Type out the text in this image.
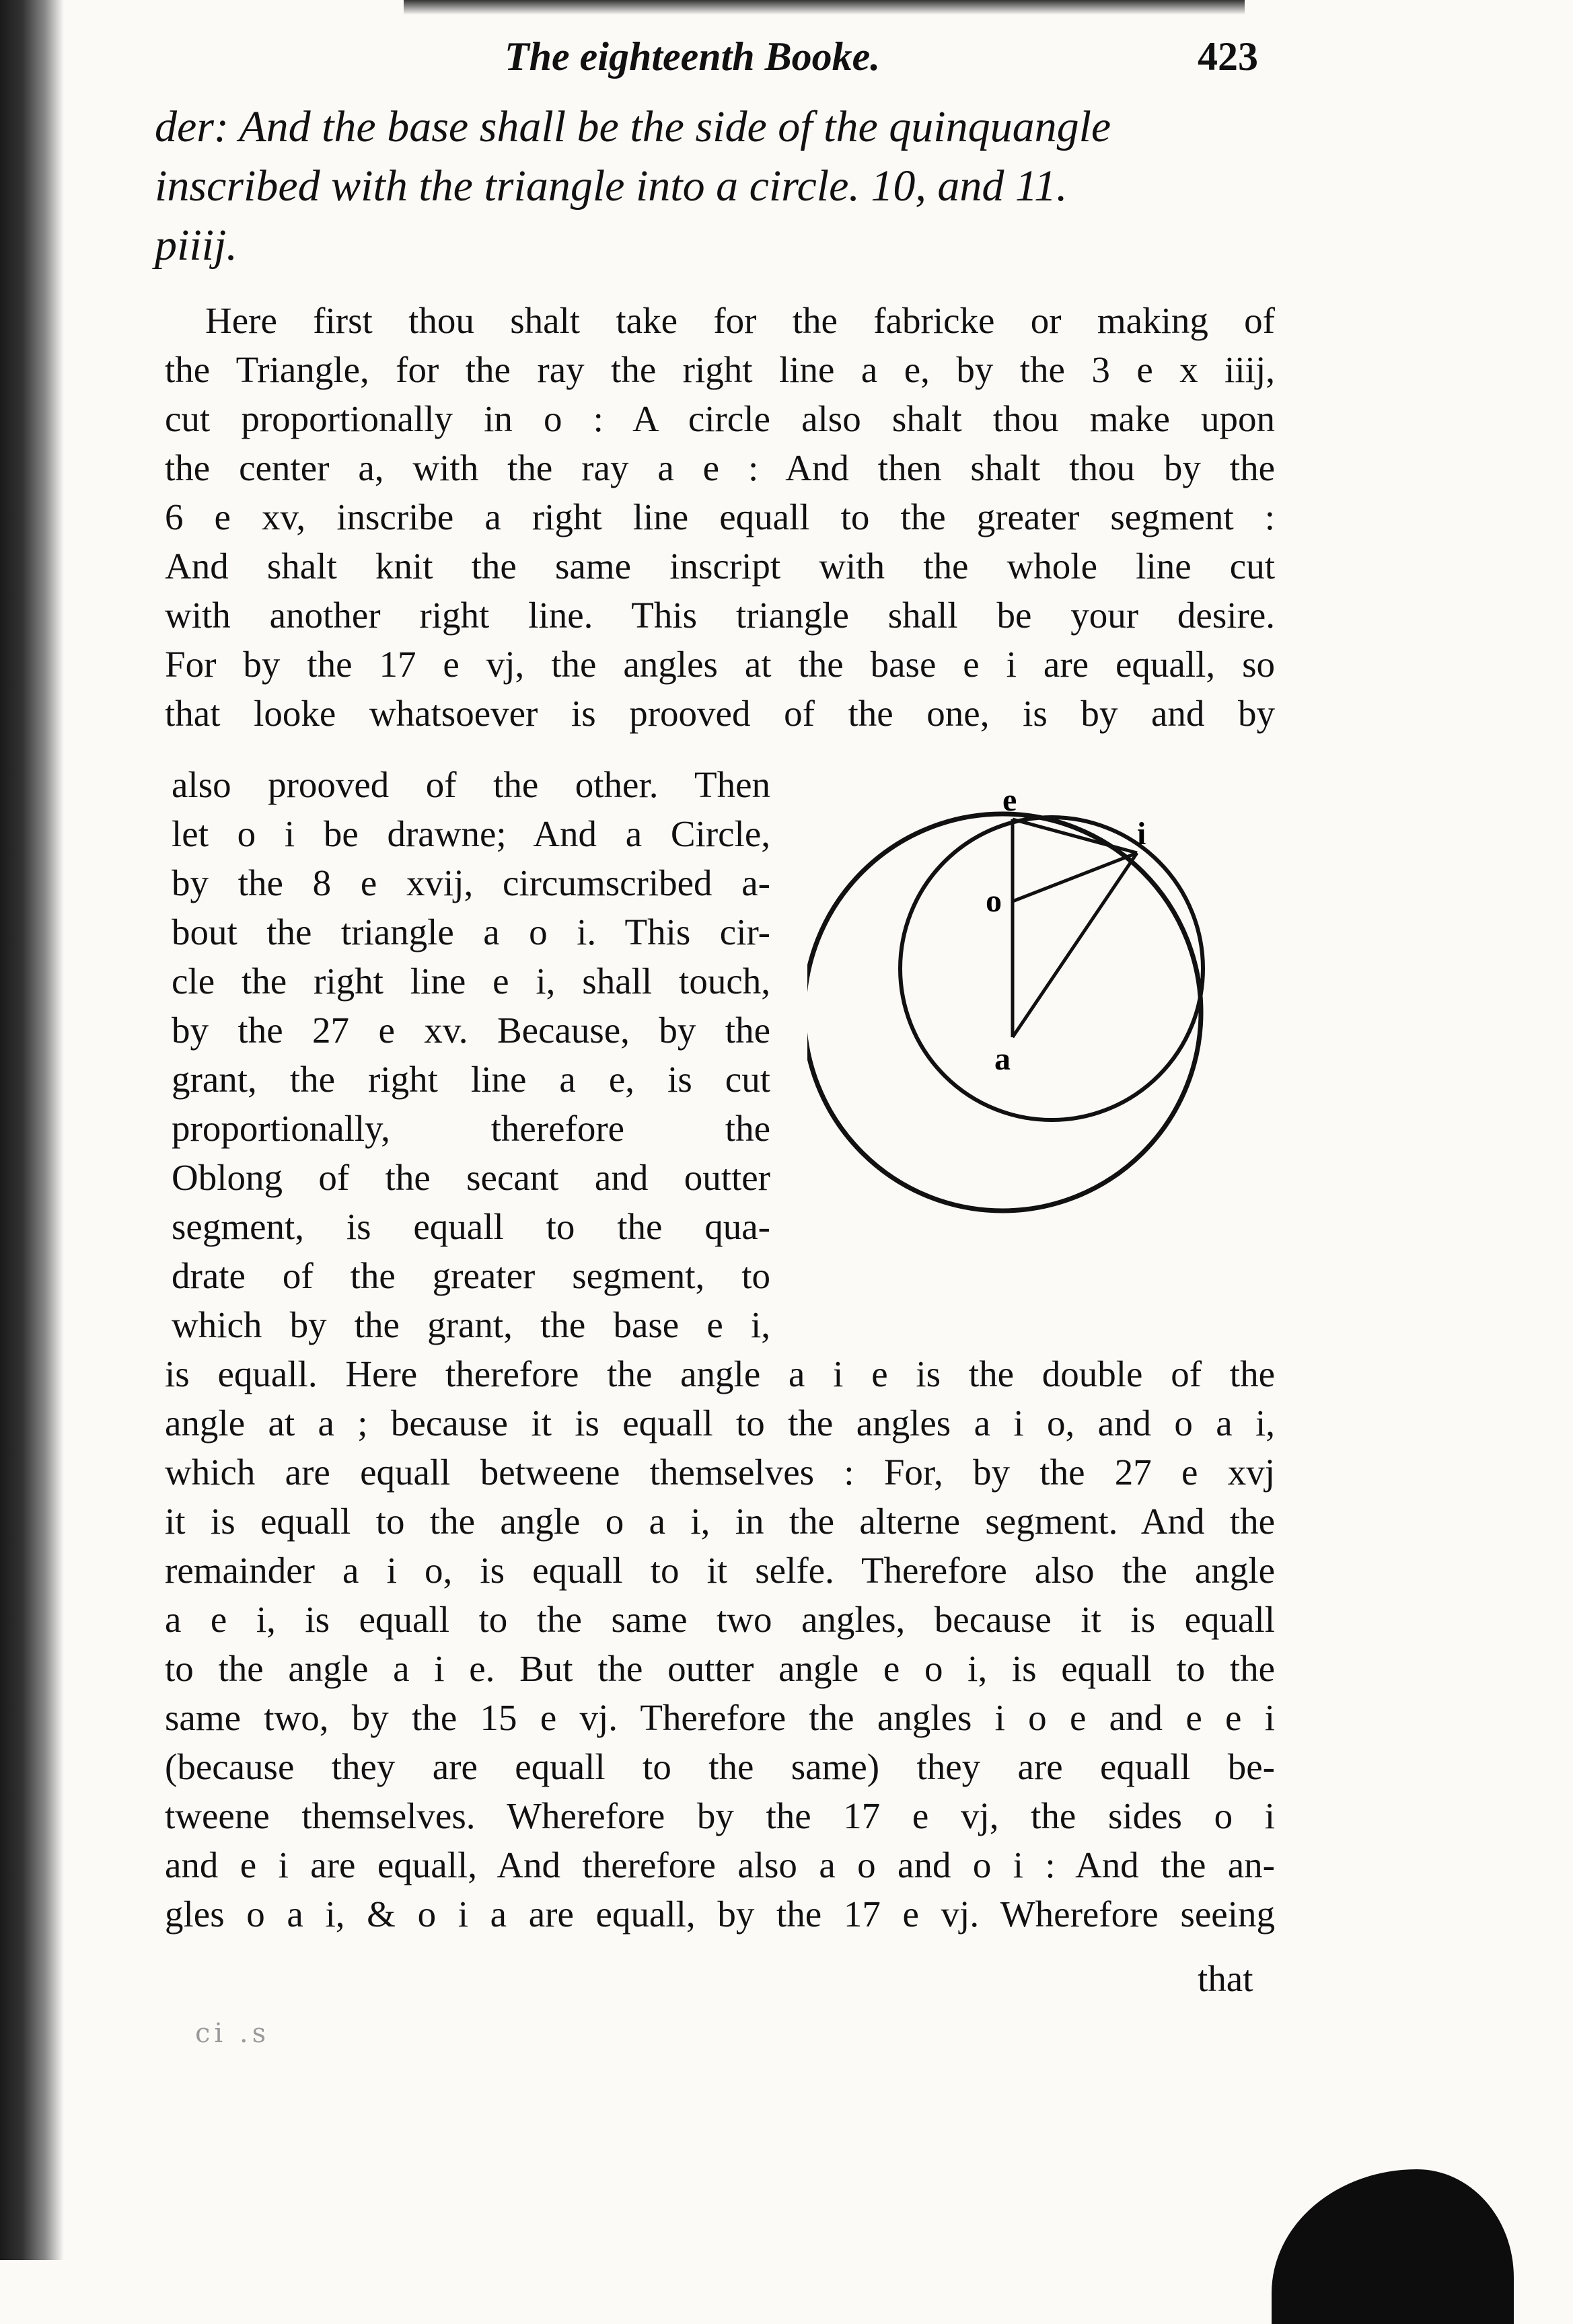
The eighteenth Booke.	423
der: And the base shall be the side of the quinquangle
inscribed with the triangle into a circle. 10, and 11.
piiij.
Here first thou shalt take for the fabricke or making of
the Triangle, for the ray the right line a e, by the 3 e x iiij,
cut proportionally in o : A circle also shalt thou make upon
the center a, with the ray a e : And then shalt thou by the
6 e xv, inscribe a right line equall to the greater segment :
And shalt knit the same inscript with the whole line cut
with another right line. This triangle shall be your desire.
For by the 17 e vj, the angles at the base e i are equall, so
that looke whatsoever is prooved of the one, is by and by
also prooved of the other. Then
let o i be drawne; And a Circle,
by the 8 e xvij, circumscribed a-
bout the triangle a o i. This cir-
cle the right line e i, shall touch,
by the 27 e xv. Because, by the
grant, the right line a e, is cut
proportionally, therefore the
Oblong of the secant and outter
segment, is equall to the qua-
drate of the greater segment, to
which by the grant, the base e i,
e
i
o
a
is equall. Here therefore the angle a i e is the double of the
angle at a ; because it is equall to the angles a i o, and o a i,
which are equall betweene themselves : For, by the 27 e xvj
it is equall to the angle o a i, in the alterne segment. And the
remainder a i o, is equall to it selfe. Therefore also the angle
a e i, is equall to the same two angles, because it is equall
to the angle a i e. But the outter angle e o i, is equall to the
same two, by the 15 e vj. Therefore the angles i o e and e e i
(because they are equall to the same) they are equall be-
tweene themselves. Wherefore by the 17 e vj, the sides o i
and e i are equall, And therefore also a o and o i : And the an-
gles o a i, & o i a are equall, by the 17 e vj. Wherefore seeing
that
ci .s
